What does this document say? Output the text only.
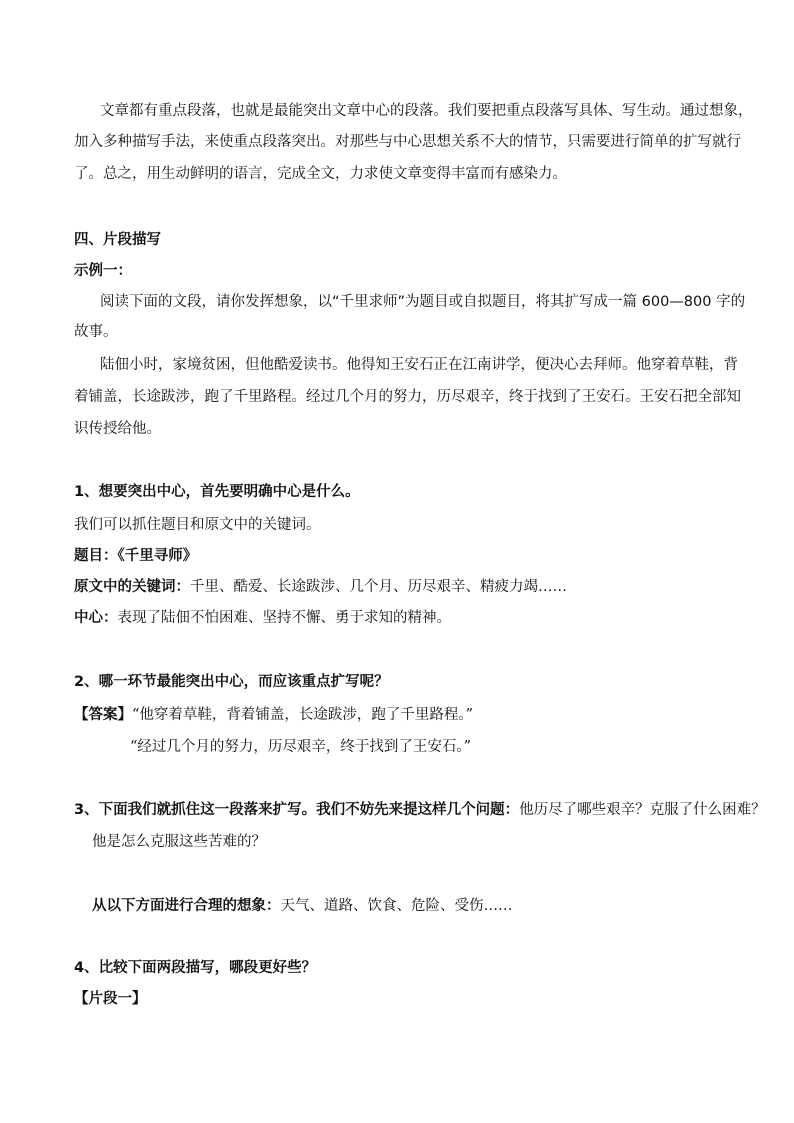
文章都有重点段落，也就是最能突出文章中心的段落。我们要把重点段落写具体、写生动。通过想象，
加入多种描写手法，来使重点段落突出。对那些与中心思想关系不大的情节，只需要进行简单的扩写就行
了。总之，用生动鲜明的语言，完成全文，力求使文章变得丰富而有感染力。
四、片段描写
示例一：
阅读下面的文段，请你发挥想象，以“千里求师”为题目或自拟题目，将其扩写成一篇 600—800 字的
故事。
陆佃小时，家境贫困，但他酷爱读书。他得知王安石正在江南讲学，便决心去拜师。他穿着草鞋，背
着铺盖，长途跋涉，跑了千里路程。经过几个月的努力，历尽艰辛，终于找到了王安石。王安石把全部知
识传授给他。
1、想要突出中心，首先要明确中心是什么。
我们可以抓住题目和原文中的关键词。
题目：《千里寻师》
原文中的关键词：千里、酷爱、长途跋涉、几个月、历尽艰辛、精疲力竭……
中心：表现了陆佃不怕困难、坚持不懈、勇于求知的精神。
2、哪一环节最能突出中心，而应该重点扩写呢？
【答案】“他穿着草鞋，背着铺盖，长途跋涉，跑了千里路程。”
“经过几个月的努力，历尽艰辛，终于找到了王安石。”
3、下面我们就抓住这一段落来扩写。我们不妨先来提这样几个问题：他历尽了哪些艰辛？克服了什么困难？
他是怎么克服这些苦难的？
从以下方面进行合理的想象：天气、道路、饮食、危险、受伤……
4、比较下面两段描写，哪段更好些？
【片段一】
